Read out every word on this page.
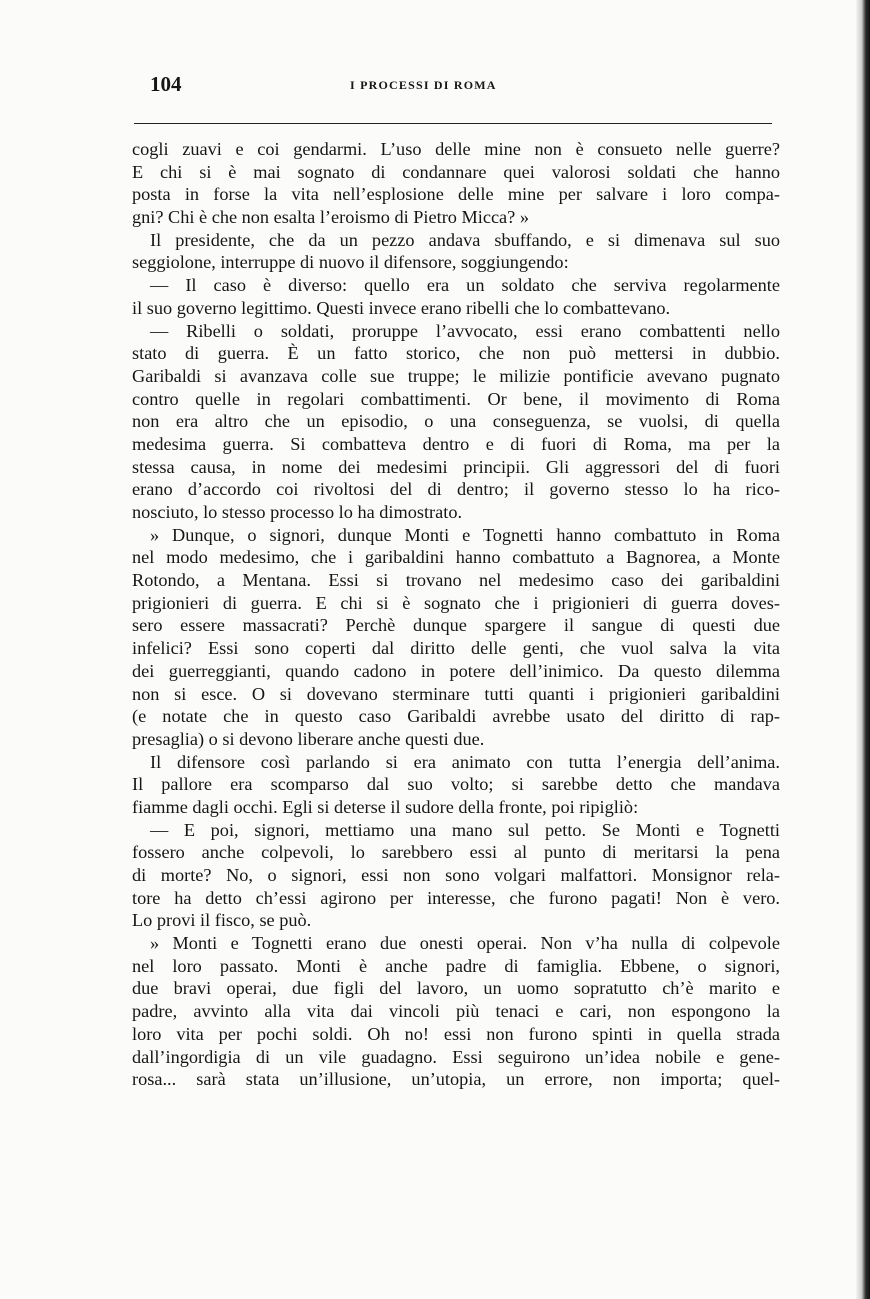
104	I PROCESSI DI ROMA
cogli zuavi e coi gendarmi. L’uso delle mine non è consueto nelle guerre?
E chi si è mai sognato di condannare quei valorosi soldati che hanno
posta in forse la vita nell’esplosione delle mine per salvare i loro compa-
gni? Chi è che non esalta l’eroismo di Pietro Micca? »
Il presidente, che da un pezzo andava sbuffando, e si dimenava sul suo
seggiolone, interruppe di nuovo il difensore, soggiungendo:
— Il caso è diverso: quello era un soldato che serviva regolarmente
il suo governo legittimo. Questi invece erano ribelli che lo combattevano.
— Ribelli o soldati, proruppe l’avvocato, essi erano combattenti nello
stato di guerra. È un fatto storico, che non può mettersi in dubbio.
Garibaldi si avanzava colle sue truppe; le milizie pontificie avevano pugnato
contro quelle in regolari combattimenti. Or bene, il movimento di Roma
non era altro che un episodio, o una conseguenza, se vuolsi, di quella
medesima guerra. Si combatteva dentro e di fuori di Roma, ma per la
stessa causa, in nome dei medesimi principii. Gli aggressori del di fuori
erano d’accordo coi rivoltosi del di dentro; il governo stesso lo ha rico-
nosciuto, lo stesso processo lo ha dimostrato.
» Dunque, o signori, dunque Monti e Tognetti hanno combattuto in Roma
nel modo medesimo, che i garibaldini hanno combattuto a Bagnorea, a Monte
Rotondo, a Mentana. Essi si trovano nel medesimo caso dei garibaldini
prigionieri di guerra. E chi si è sognato che i prigionieri di guerra doves-
sero essere massacrati? Perchè dunque spargere il sangue di questi due
infelici? Essi sono coperti dal diritto delle genti, che vuol salva la vita
dei guerreggianti, quando cadono in potere dell’inimico. Da questo dilemma
non si esce. O si dovevano sterminare tutti quanti i prigionieri garibaldini
(e notate che in questo caso Garibaldi avrebbe usato del diritto di rap-
presaglia) o si devono liberare anche questi due.
Il difensore così parlando si era animato con tutta l’energia dell’anima.
Il pallore era scomparso dal suo volto; si sarebbe detto che mandava
fiamme dagli occhi. Egli si deterse il sudore della fronte, poi ripigliò:
— E poi, signori, mettiamo una mano sul petto. Se Monti e Tognetti
fossero anche colpevoli, lo sarebbero essi al punto di meritarsi la pena
di morte? No, o signori, essi non sono volgari malfattori. Monsignor rela-
tore ha detto ch’essi agirono per interesse, che furono pagati! Non è vero.
Lo provi il fisco, se può.
» Monti e Tognetti erano due onesti operai. Non v’ha nulla di colpevole
nel loro passato. Monti è anche padre di famiglia. Ebbene, o signori,
due bravi operai, due figli del lavoro, un uomo sopratutto ch’è marito e
padre, avvinto alla vita dai vincoli più tenaci e cari, non espongono la
loro vita per pochi soldi. Oh no! essi non furono spinti in quella strada
dall’ingordigia di un vile guadagno. Essi seguirono un’idea nobile e gene-
rosa... sarà stata un’illusione, un’utopia, un errore, non importa; quel-
